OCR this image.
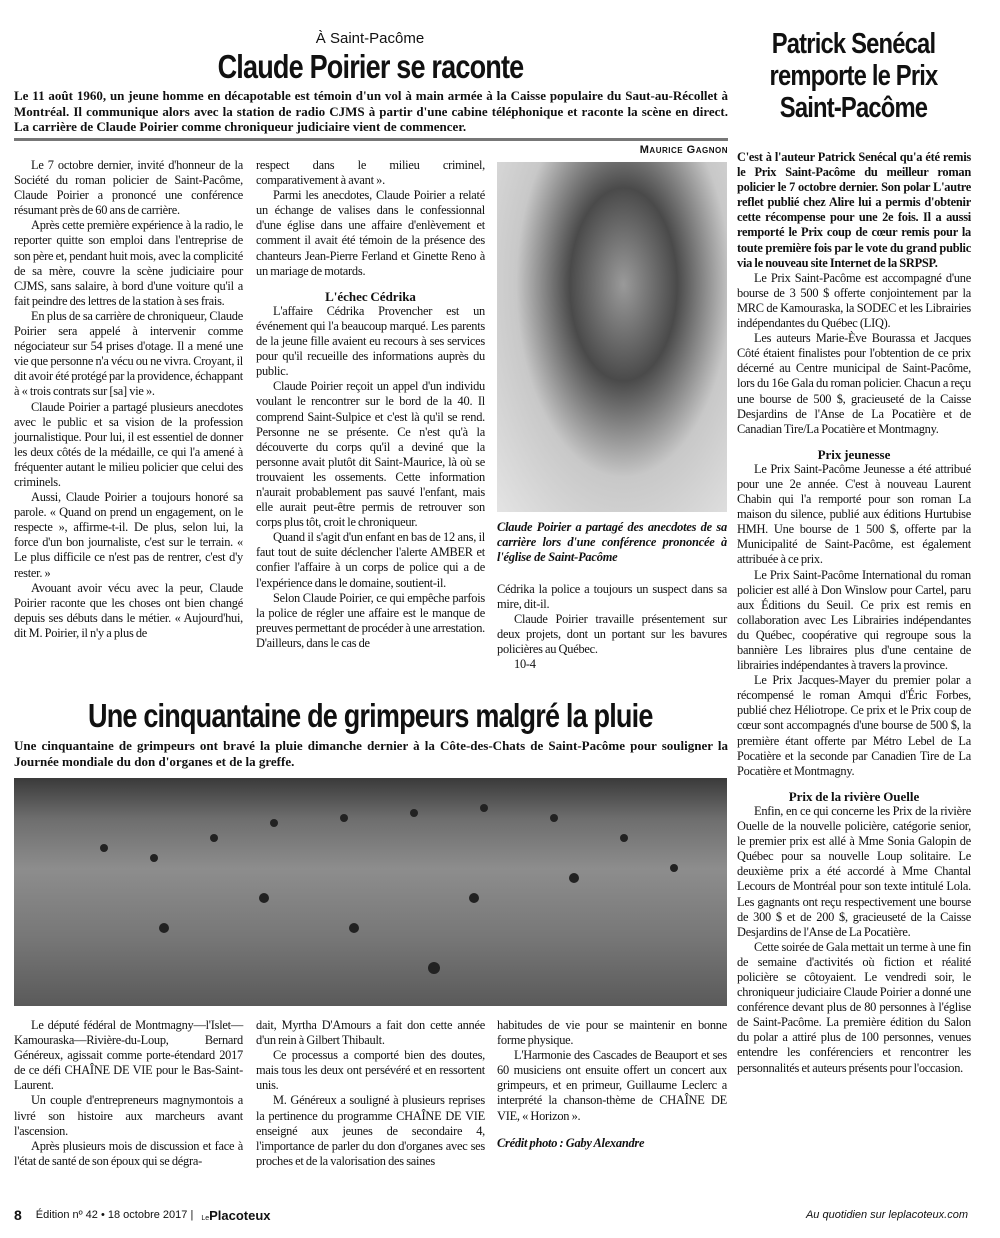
À Saint-Pacôme
Claude Poirier se raconte
Le 11 août 1960, un jeune homme en décapotable est témoin d'un vol à main armée à la Caisse populaire du Saut-au-Récollet à Montréal. Il communique alors avec la station de radio CJMS à partir d'une cabine téléphonique et raconte la scène en direct. La carrière de Claude Poirier comme chroniqueur judiciaire vient de commencer.
Maurice Gagnon

Le 7 octobre dernier, invité d'honneur de la Société du roman policier de Saint-Pacôme, Claude Poirier a prononcé une conférence résumant près de 60 ans de carrière.

Après cette première expérience à la radio, le reporter quitte son emploi dans l'entreprise de son père et, pendant huit mois, avec la complicité de sa mère, couvre la scène judiciaire pour CJMS, sans salaire, à bord d'une voiture qu'il a fait peindre des lettres de la station à ses frais.

En plus de sa carrière de chroniqueur, Claude Poirier sera appelé à intervenir comme négociateur sur 54 prises d'otage. Il a mené une vie que personne n'a vécu ou ne vivra. Croyant, il dit avoir été protégé par la providence, échappant à « trois contrats sur [sa] vie ».

Claude Poirier a partagé plusieurs anecdotes avec le public et sa vision de la profession journalistique. Pour lui, il est essentiel de donner les deux côtés de la médaille, ce qui l'a amené à fréquenter autant le milieu policier que celui des criminels.

Aussi, Claude Poirier a toujours honoré sa parole. « Quand on prend un engagement, on le respecte », affirme-t-il. De plus, selon lui, la force d'un bon journaliste, c'est sur le terrain. « Le plus difficile ce n'est pas de rentrer, c'est d'y rester. »

Avouant avoir vécu avec la peur, Claude Poirier raconte que les choses ont bien changé depuis ses débuts dans le métier. « Aujourd'hui, dit M. Poirier, il n'y a plus de

respect dans le milieu criminel, comparativement à avant ».

Parmi les anecdotes, Claude Poirier a relaté un échange de valises dans le confessionnal d'une église dans une affaire d'enlèvement et comment il avait été témoin de la présence des chanteurs Jean-Pierre Ferland et Ginette Reno à un mariage de motards.

L'échec Cédrika

L'affaire Cédrika Provencher est un événement qui l'a beaucoup marqué. Les parents de la jeune fille avaient eu recours à ses services pour qu'il recueille des informations auprès du public.

Claude Poirier reçoit un appel d'un individu voulant le rencontrer sur le bord de la 40. Il comprend Saint-Sulpice et c'est là qu'il se rend. Personne ne se présente. Ce n'est qu'à la découverte du corps qu'il a deviné que la personne avait plutôt dit Saint-Maurice, là où se trouvaient les ossements. Cette information n'aurait probablement pas sauvé l'enfant, mais elle aurait peut-être permis de retrouver son corps plus tôt, croit le chroniqueur.

Quand il s'agit d'un enfant en bas de 12 ans, il faut tout de suite déclencher l'alerte AMBER et confier l'affaire à un corps de police qui a de l'expérience dans le domaine, soutient-il.

Selon Claude Poirier, ce qui empêche parfois la police de régler une affaire est le manque de preuves permettant de procéder à une arrestation. D'ailleurs, dans le cas de

Claude Poirier a partagé des anecdotes de sa carrière lors d'une conférence prononcée à l'église de Saint-Pacôme

Cédrika la police a toujours un suspect dans sa mire, dit-il.

Claude Poirier travaille présentement sur deux projets, dont un portant sur les bavures policières au Québec.

10-4

Patrick Senécal remporte le Prix Saint-Pacôme

C'est à l'auteur Patrick Senécal qu'a été remis le Prix Saint-Pacôme du meilleur roman policier le 7 octobre dernier. Son polar L'autre reflet publié chez Alire lui a permis d'obtenir cette récompense pour une 2e fois. Il a aussi remporté le Prix coup de cœur remis pour la toute première fois par le vote du grand public via le nouveau site Internet de la SRPSP.

Le Prix Saint-Pacôme est accompagné d'une bourse de 3 500 $ offerte conjointement par la MRC de Kamouraska, la SODEC et les Librairies indépendantes du Québec (LIQ).

Les auteurs Marie-Ève Bourassa et Jacques Côté étaient finalistes pour l'obtention de ce prix décerné au Centre municipal de Saint-Pacôme, lors du 16e Gala du roman policier. Chacun a reçu une bourse de 500 $, gracieuseté de la Caisse Desjardins de l'Anse de La Pocatière et de Canadian Tire/La Pocatière et Montmagny.

Prix jeunesse

Le Prix Saint-Pacôme Jeunesse a été attribué pour une 2e année. C'est à nouveau Laurent Chabin qui l'a remporté pour son roman La maison du silence, publié aux éditions Hurtubise HMH. Une bourse de 1 500 $, offerte par la Municipalité de Saint-Pacôme, est également attribuée à ce prix.

Le Prix Saint-Pacôme International du roman policier est allé à Don Winslow pour Cartel, paru aux Éditions du Seuil. Ce prix est remis en collaboration avec Les Librairies indépendantes du Québec, coopérative qui regroupe sous la bannière Les libraires plus d'une centaine de librairies indépendantes à travers la province.

Le Prix Jacques-Mayer du premier polar a récompensé le roman Amqui d'Éric Forbes, publié chez Héliotrope. Ce prix et le Prix coup de cœur sont accompagnés d'une bourse de 500 $, la première étant offerte par Métro Lebel de La Pocatière et la seconde par Canadien Tire de La Pocatière et Montmagny.

Prix de la rivière Ouelle

Enfin, en ce qui concerne les Prix de la rivière Ouelle de la nouvelle policière, catégorie senior, le premier prix est allé à Mme Sonia Galopin de Québec pour sa nouvelle Loup solitaire. Le deuxième prix a été accordé à Mme Chantal Lecours de Montréal pour son texte intitulé Lola. Les gagnants ont reçu respectivement une bourse de 300 $ et de 200 $, gracieuseté de la Caisse Desjardins de l'Anse de La Pocatière.

Cette soirée de Gala mettait un terme à une fin de semaine d'activités où fiction et réalité policière se côtoyaient. Le vendredi soir, le chroniqueur judiciaire Claude Poirier a donné une conférence devant plus de 80 personnes à l'église de Saint-Pacôme. La première édition du Salon du polar a attiré plus de 100 personnes, venues entendre les conférenciers et rencontrer les personnalités et auteurs présents pour l'occasion.

Une cinquantaine de grimpeurs malgré la pluie
Une cinquantaine de grimpeurs ont bravé la pluie dimanche dernier à la Côte-des-Chats de Saint-Pacôme pour souligner la Journée mondiale du don d'organes et de la greffe.

Le député fédéral de Montmagny—l'Islet—Kamouraska—Rivière-du-Loup, Bernard Généreux, agissait comme porte-étendard 2017 de ce défi CHAÎNE DE VIE pour le Bas-Saint-Laurent.

Un couple d'entrepreneurs magnymontois a livré son histoire aux marcheurs avant l'ascension.

Après plusieurs mois de discussion et face à l'état de santé de son époux qui se dégra-

dait, Myrtha D'Amours a fait don cette année d'un rein à Gilbert Thibault.

Ce processus a comporté bien des doutes, mais tous les deux ont persévéré et en ressortent unis.

M. Généreux a souligné à plusieurs reprises la pertinence du programme CHAÎNE DE VIE enseigné aux jeunes de secondaire 4, l'importance de parler du don d'organes avec ses proches et de la valorisation des saines

habitudes de vie pour se maintenir en bonne forme physique.

L'Harmonie des Cascades de Beauport et ses 60 musiciens ont ensuite offert un concert aux grimpeurs, et en primeur, Guillaume Leclerc a interprété la chanson-thème de CHAÎNE DE VIE, « Horizon ».

Crédit photo : Gaby Alexandre

8 Édition nº 42 • 18 octobre 2017 | LePlacoteux	Au quotidien sur leplacoteux.com
